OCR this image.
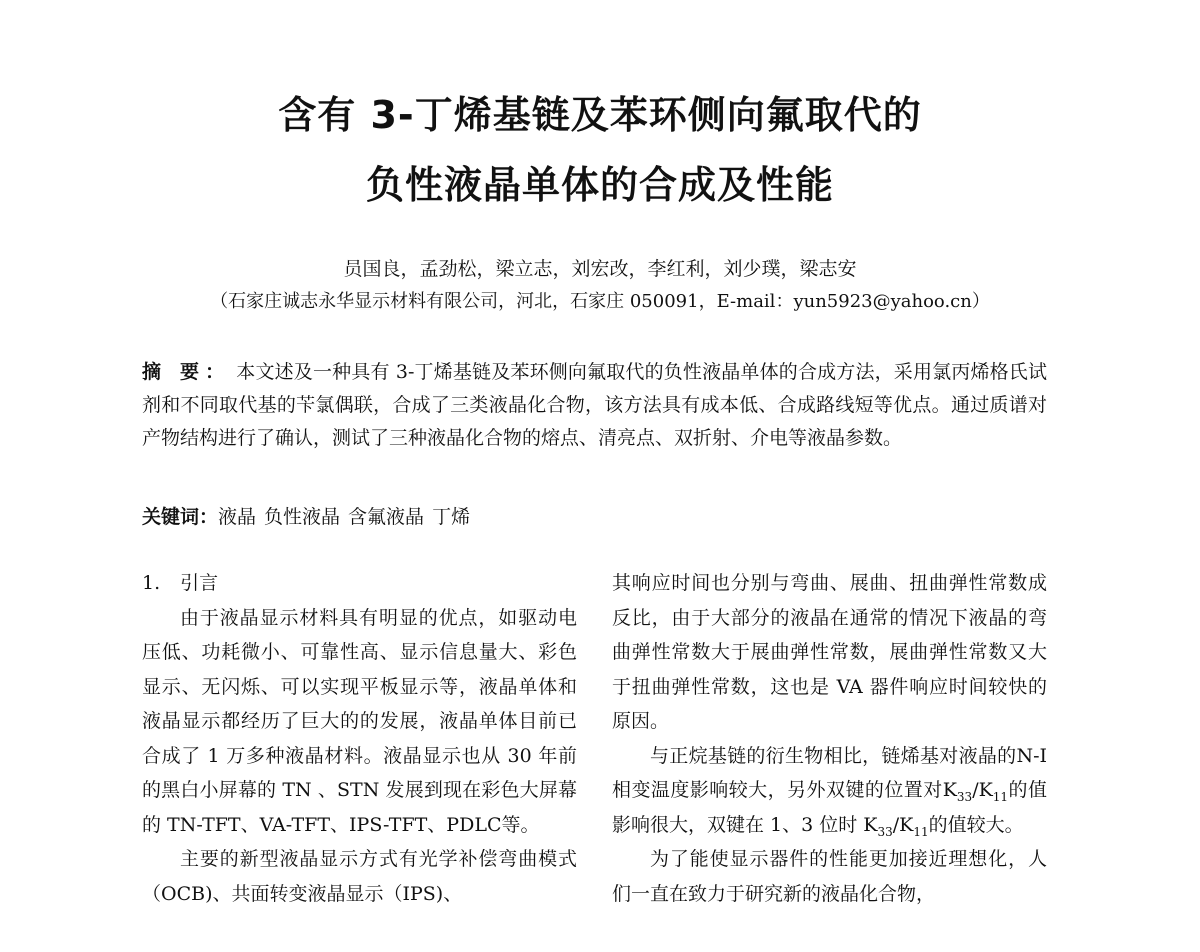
含有 3-丁烯基链及苯环侧向氟取代的
负性液晶单体的合成及性能
员国良，孟劲松，梁立志，刘宏改，李红利，刘少璞，梁志安
（石家庄诚志永华显示材料有限公司，河北，石家庄 050091，E-mail：yun5923@yahoo.cn）
摘 要： 本文述及一种具有 3-丁烯基链及苯环侧向氟取代的负性液晶单体的合成方法，采用氯丙烯格氏试剂和不同取代基的苄氯偶联，合成了三类液晶化合物，该方法具有成本低、合成路线短等优点。通过质谱对产物结构进行了确认，测试了三种液晶化合物的熔点、清亮点、双折射、介电等液晶参数。
关键词：液晶 负性液晶 含氟液晶 丁烯
1. 引言

由于液晶显示材料具有明显的优点，如驱动电压低、功耗微小、可靠性高、显示信息量大、彩色显示、无闪烁、可以实现平板显示等，液晶单体和液晶显示都经历了巨大的的发展，液晶单体目前已合成了 1 万多种液晶材料。液晶显示也从 30 年前的黑白小屏幕的 TN 、STN 发展到现在彩色大屏幕的 TN-TFT、VA-TFT、IPS-TFT、PDLC等。

主要的新型液晶显示方式有光学补偿弯曲模式（OCB)、共面转变液晶显示（IPS)、

其响应时间也分别与弯曲、展曲、扭曲弹性常数成反比，由于大部分的液晶在通常的情况下液晶的弯曲弹性常数大于展曲弹性常数，展曲弹性常数又大于扭曲弹性常数，这也是 VA 器件响应时间较快的原因。

与正烷基链的衍生物相比，链烯基对液晶的N-I相变温度影响较大，另外双键的位置对$K_{33}/K_{11}$的值影响很大，双键在 1、3 位时 $K_{33}/K_{11}$的值较大。

为了能使显示器件的性能更加接近理想化，人们一直在致力于研究新的液晶化合物，
